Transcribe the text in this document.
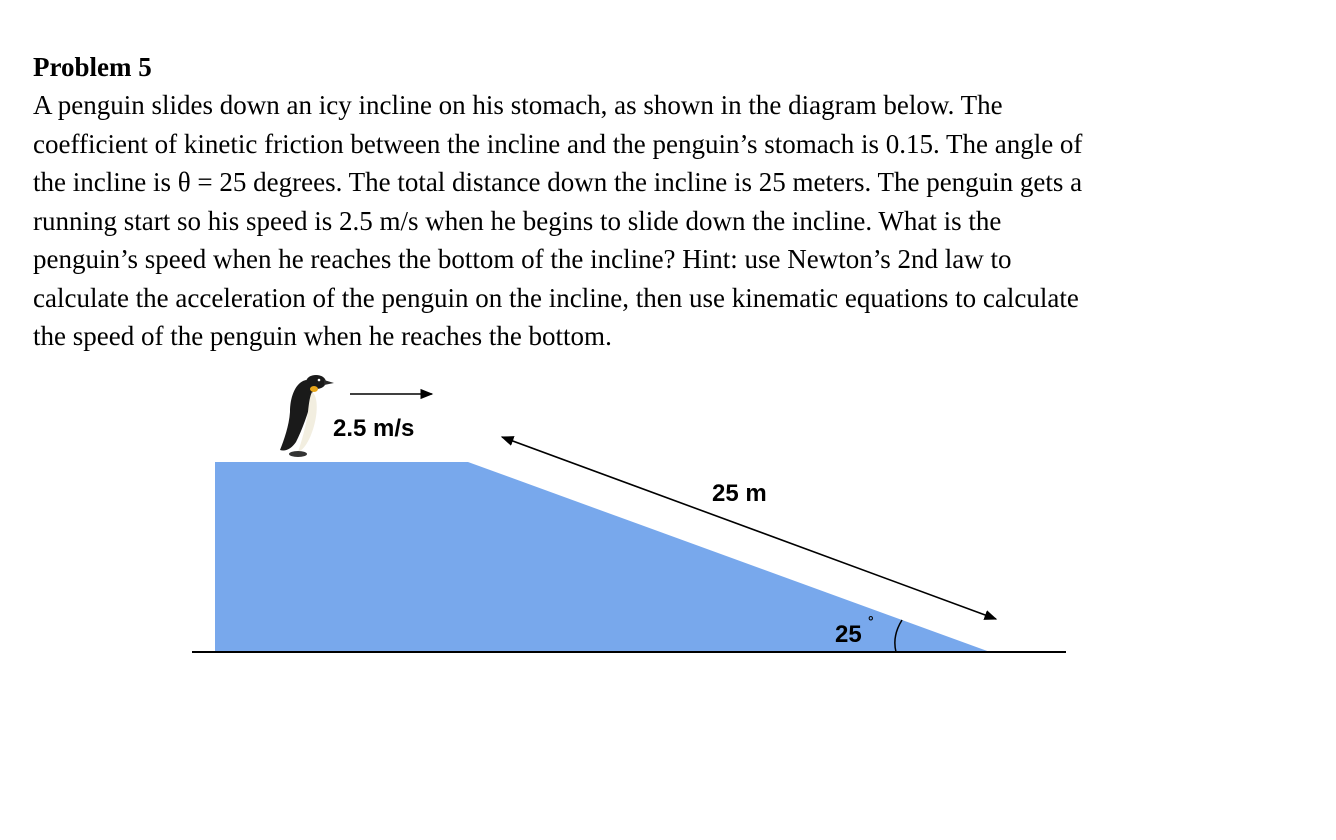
Problem 5

A penguin slides down an icy incline on his stomach, as shown in the diagram below. The
coefficient of kinetic friction between the incline and the penguin’s stomach is 0.15. The angle of
the incline is θ = 25 degrees. The total distance down the incline is 25 meters. The penguin gets a
running start so his speed is 2.5 m/s when he begins to slide down the incline. What is the
penguin’s speed when he reaches the bottom of the incline? Hint: use Newton’s 2nd law to
calculate the acceleration of the penguin on the incline, then use kinematic equations to calculate
the speed of the penguin when he reaches the bottom.

2.5 m/s
25 m
25 °
